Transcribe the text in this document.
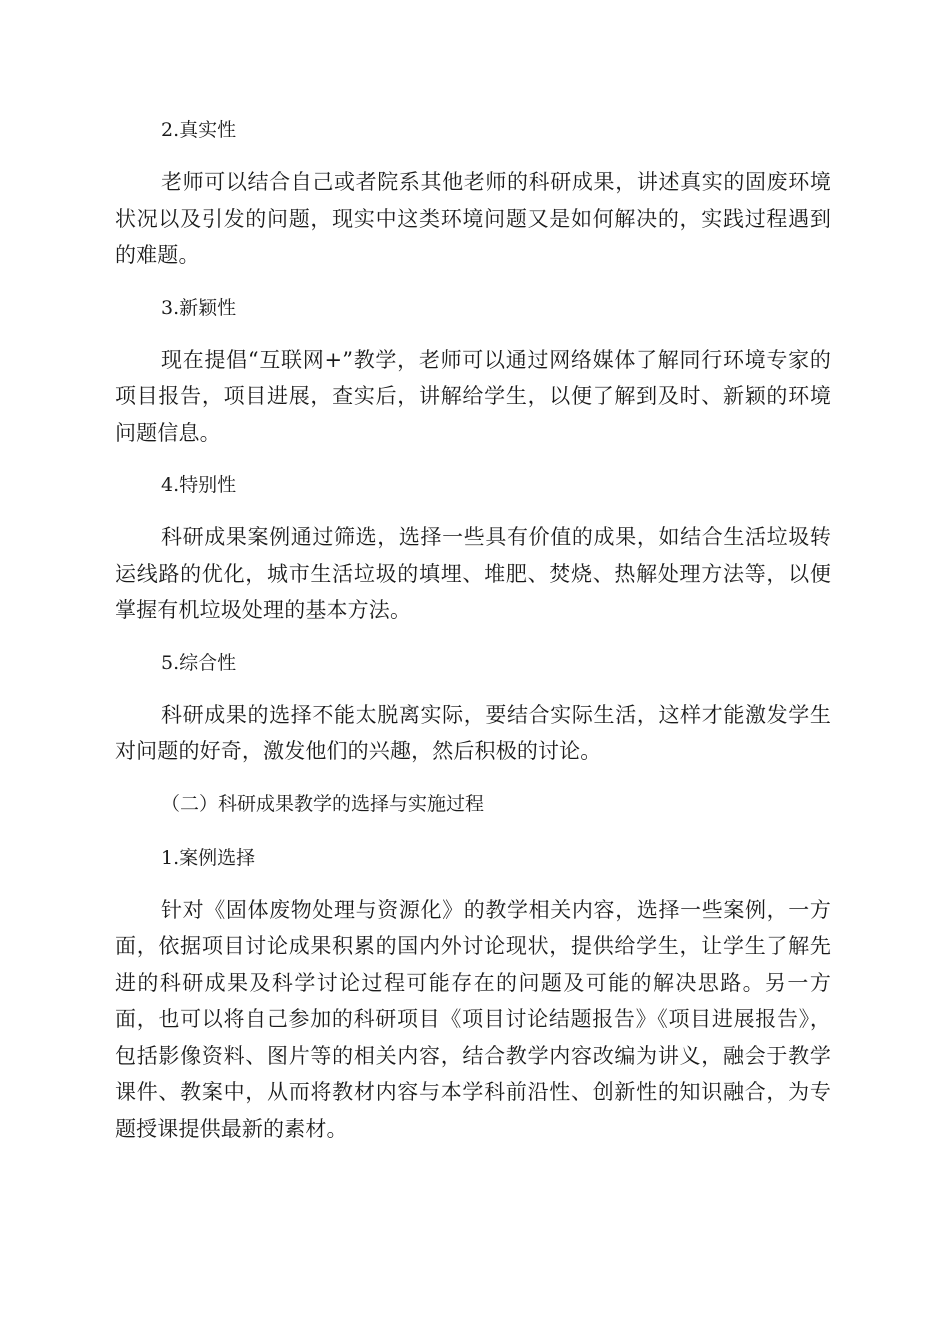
2.真实性

老师可以结合自己或者院系其他老师的科研成果，讲述真实的固废环境状况以及引发的问题，现实中这类环境问题又是如何解决的，实践过程遇到的难题。

3.新颖性

现在提倡“互联网+”教学，老师可以通过网络媒体了解同行环境专家的项目报告，项目进展，查实后，讲解给学生，以便了解到及时、新颖的环境问题信息。

4.特别性

科研成果案例通过筛选，选择一些具有价值的成果，如结合生活垃圾转运线路的优化，城市生活垃圾的填埋、堆肥、焚烧、热解处理方法等，以便掌握有机垃圾处理的基本方法。

5.综合性

科研成果的选择不能太脱离实际，要结合实际生活，这样才能激发学生对问题的好奇，激发他们的兴趣，然后积极的讨论。

（二）科研成果教学的选择与实施过程
1.案例选择

针对《固体废物处理与资源化》的教学相关内容，选择一些案例，一方面，依据项目讨论成果积累的国内外讨论现状，提供给学生，让学生了解先进的科研成果及科学讨论过程可能存在的问题及可能的解决思路。另一方面，也可以将自己参加的科研项目《项目讨论结题报告》《项目进展报告》，包括影像资料、图片等的相关内容，结合教学内容改编为讲义，融会于教学课件、教案中，从而将教材内容与本学科前沿性、创新性的知识融合，为专题授课提供最新的素材。
